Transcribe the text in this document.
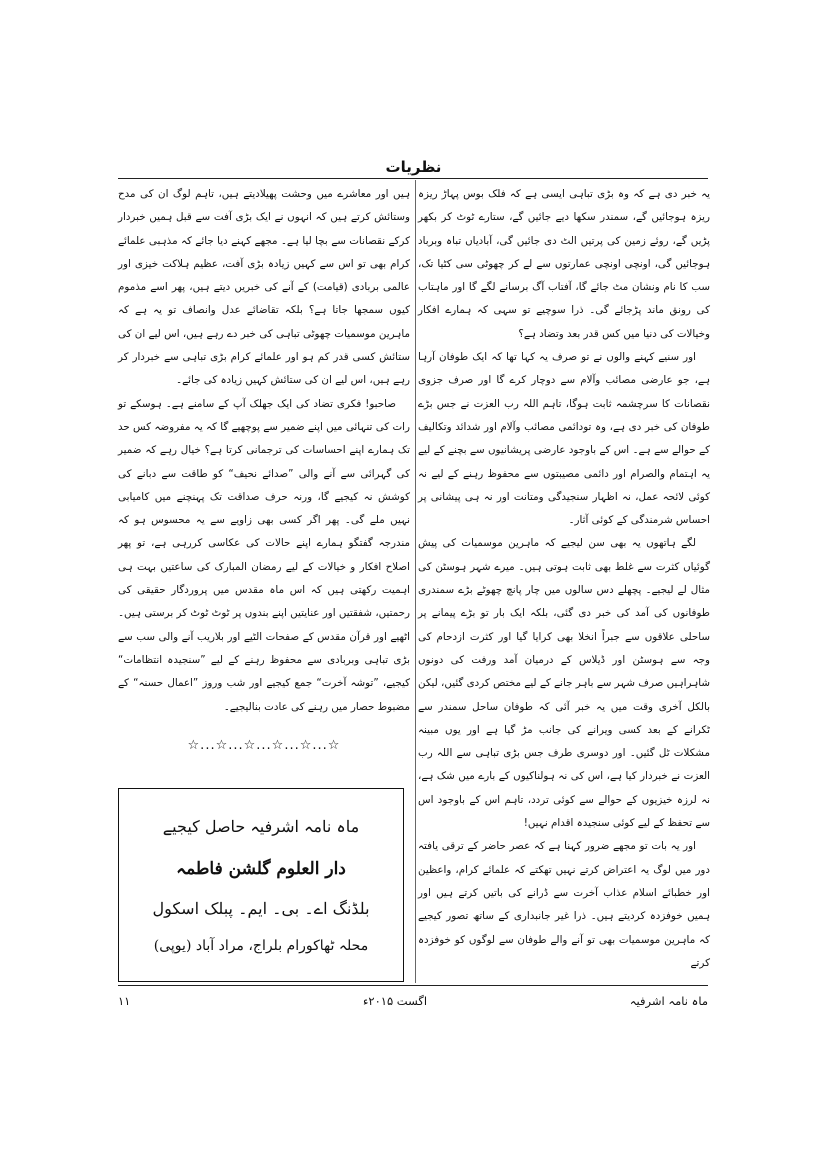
نظریات

یہ خبر دی ہے کہ وہ بڑی تباہی ایسی ہے کہ فلک بوس پہاڑ ریزہ ریزہ ہوجائیں گے، سمندر سکھا دیے جائیں گے، ستارے ٹوٹ کر بکھر پڑیں گے، روئے زمین کی پرتیں الٹ دی جائیں گی، آبادیاں تباہ وبرباد ہوجائیں گی، اونچی اونچی عمارتوں سے لے کر چھوٹی سی کٹیا تک، سب کا نام ونشان مٹ جائے گا، آفتاب آگ برسانے لگے گا اور ماہتاب کی رونق ماند پڑجائے گی۔ ذرا سوچیے تو سہی کہ ہمارے افکار وخیالات کی دنیا میں کس قدر بعد وتضاد ہے؟

اور سنیے کہنے والوں نے تو صرف یہ کہا تھا کہ ایک طوفان آرہا ہے، جو عارضی مصائب وآلام سے دوچار کرے گا اور صرف جزوی نقصانات کا سرچشمہ ثابت ہوگا، تاہم اللہ رب العزت نے جس بڑے طوفان کی خبر دی ہے، وہ تودائمی مصائب وآلام اور شدائد وتکالیف کے حوالے سے ہے۔ اس کے باوجود عارضی پریشانیوں سے بچنے کے لیے یہ اہتمام والصرام اور دائمی مصیبتوں سے محفوظ رہنے کے لیے نہ کوئی لائحہ عمل، نہ اظہار سنجیدگی ومتانت اور نہ ہی پیشانی پر احساس شرمندگی کے کوئی آثار۔

لگے ہاتھوں یہ بھی سن لیجیے کہ ماہرین موسمیات کی پیش گوئیاں کثرت سے غلط بھی ثابت ہوتی ہیں۔ میرے شہر ہوسٹن کی مثال لے لیجیے۔ پچھلے دس سالوں میں چار پانچ چھوٹے بڑے سمندری طوفانوں کی آمد کی خبر دی گئی، بلکہ ایک بار تو بڑے پیمانے پر ساحلی علاقوں سے جبراً انخلا بھی کرایا گیا اور کثرت ازدحام کی وجہ سے ہوسٹن اور ڈیلاس کے درمیان آمد ورفت کی دونوں شاہراہیں صرف شہر سے باہر جانے کے لیے مختص کردی گئیں، لیکن بالکل آخری وقت میں یہ خبر آئی کہ طوفان ساحل سمندر سے ٹکرانے کے بعد کسی ویرانے کی جانب مڑ گیا ہے اور یوں مبینہ مشکلات ٹل گئیں۔ اور دوسری طرف جس بڑی تباہی سے اللہ رب العزت نے خبردار کیا ہے، اس کی نہ ہولناکیوں کے بارے میں شک ہے، نہ لرزہ خیزیوں کے حوالے سے کوئی تردد، تاہم اس کے باوجود اس سے تحفظ کے لیے کوئی سنجیدہ اقدام نہیں!

اور یہ بات تو مجھے ضرور کہنا ہے کہ عصر حاضر کے ترقی یافتہ دور میں لوگ یہ اعتراض کرتے نہیں تھکتے کہ علمائے کرام، واعظین اور خطبائے اسلام عذاب آخرت سے ڈرانے کی باتیں کرتے ہیں اور ہمیں خوفزدہ کردیتے ہیں۔ ذرا غیر جانبداری کے ساتھ تصور کیجیے کہ ماہرین موسمیات بھی تو آنے والے طوفان سے لوگوں کو خوفزدہ کرتے

ہیں اور معاشرے میں وحشت پھیلادیتے ہیں، تاہم لوگ ان کی مدح وستائش کرتے ہیں کہ انہوں نے ایک بڑی آفت سے قبل ہمیں خبردار کرکے نقصانات سے بچا لیا ہے۔ مجھے کہنے دیا جائے کہ مذہبی علمائے کرام بھی تو اس سے کہیں زیادہ بڑی آفت، عظیم ہلاکت خیزی اور عالمی بربادی (قیامت) کے آنے کی خبریں دیتے ہیں، پھر اسے مذموم کیوں سمجھا جاتا ہے؟ بلکہ تقاضائے عدل وانصاف تو یہ ہے کہ ماہرین موسمیات چھوٹی تباہی کی خبر دے رہے ہیں، اس لیے ان کی ستائش کسی قدر کم ہو اور علمائے کرام بڑی تباہی سے خبردار کر رہے ہیں، اس لیے ان کی ستائش کہیں زیادہ کی جائے۔

صاحبو! فکری تضاد کی ایک جھلک آپ کے سامنے ہے۔ ہوسکے تو رات کی تنہائی میں اپنے ضمیر سے پوچھیے گا کہ یہ مفروضہ کس حد تک ہمارے اپنے احساسات کی ترجمانی کرتا ہے؟ خیال رہے کہ ضمیر کی گہرائی سے آنے والی ”صدائے نحیف“ کو طاقت سے دبانے کی کوشش نہ کیجیے گا، ورنہ حرف صداقت تک پہنچنے میں کامیابی نہیں ملے گی۔ پھر اگر کسی بھی زاویے سے یہ محسوس ہو کہ مندرجہ گفتگو ہمارے اپنے حالات کی عکاسی کررہی ہے، تو پھر اصلاح افکار و خیالات کے لیے رمضان المبارک کی ساعتیں بہت ہی اہمیت رکھتی ہیں کہ اس ماہ مقدس میں پروردگار حقیقی کی رحمتیں، شفقتیں اور عنایتیں اپنے بندوں پر ٹوٹ ٹوٹ کر برستی ہیں۔ اٹھیے اور قرآن مقدس کے صفحات الٹیے اور بلاریب آنے والی سب سے بڑی تباہی وبربادی سے محفوظ رہنے کے لیے ”سنجیدہ انتظامات“ کیجیے، ”توشہ آخرت“ جمع کیجیے اور شب وروز ”اعمال حسنہ“ کے مضبوط حصار میں رہنے کی عادت بنالیجیے۔

☆...☆...☆...☆...☆...☆
ماہ نامہ اشرفیہ حاصل کیجیے
دار العلوم گلشن فاطمہ
بلڈنگ اے۔ بی۔ ایم۔ پبلک اسکول
محلہ ٹھاکورام بلراج، مراد آباد (یوپی)
ماہ نامہ اشرفیہ
اگست ۲۰۱۵ء
۱۱
